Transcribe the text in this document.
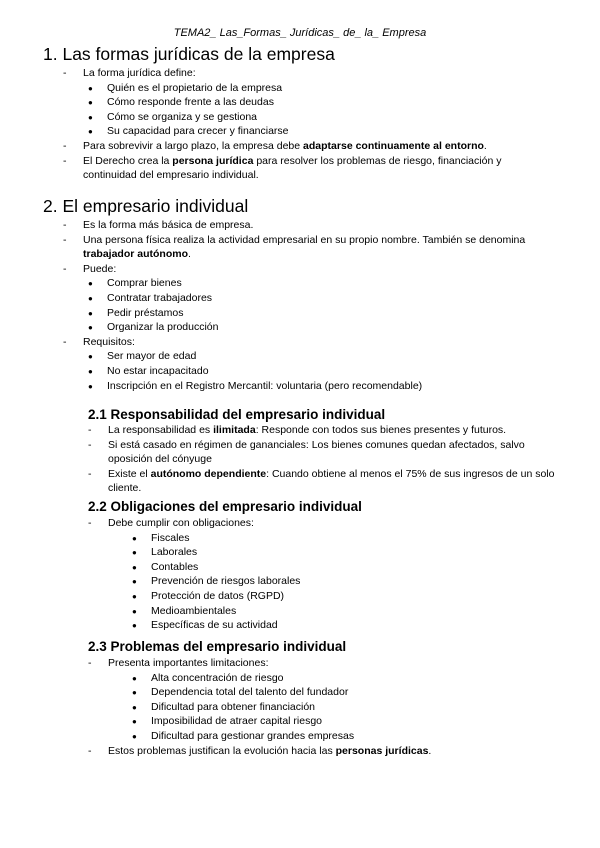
TEMA2_ Las_Formas_ Jurídicas_ de_ la_ Empresa
1. Las formas jurídicas de la empresa
- La forma jurídica define:
● Quién es el propietario de la empresa
● Cómo responde frente a las deudas
● Cómo se organiza y se gestiona
● Su capacidad para crecer y financiarse
- Para sobrevivir a largo plazo, la empresa debe adaptarse continuamente al entorno.
- El Derecho crea la persona jurídica para resolver los problemas de riesgo, financiación y continuidad del empresario individual.
2. El empresario individual
- Es la forma más básica de empresa.
- Una persona física realiza la actividad empresarial en su propio nombre. También se denomina trabajador autónomo.
- Puede:
● Comprar bienes
● Contratar trabajadores
● Pedir préstamos
● Organizar la producción
- Requisitos:
● Ser mayor de edad
● No estar incapacitado
● Inscripción en el Registro Mercantil: voluntaria (pero recomendable)
2.1 Responsabilidad del empresario individual
- La responsabilidad es ilimitada: Responde con todos sus bienes presentes y futuros.
- Si está casado en régimen de gananciales: Los bienes comunes quedan afectados, salvo oposición del cónyuge
- Existe el autónomo dependiente: Cuando obtiene al menos el 75% de sus ingresos de un solo cliente.
2.2 Obligaciones del empresario individual
- Debe cumplir con obligaciones:
● Fiscales
● Laborales
● Contables
● Prevención de riesgos laborales
● Protección de datos (RGPD)
● Medioambientales
● Específicas de su actividad
2.3 Problemas del empresario individual
- Presenta importantes limitaciones:
● Alta concentración de riesgo
● Dependencia total del talento del fundador
● Dificultad para obtener financiación
● Imposibilidad de atraer capital riesgo
● Dificultad para gestionar grandes empresas
- Estos problemas justifican la evolución hacia las personas jurídicas.
